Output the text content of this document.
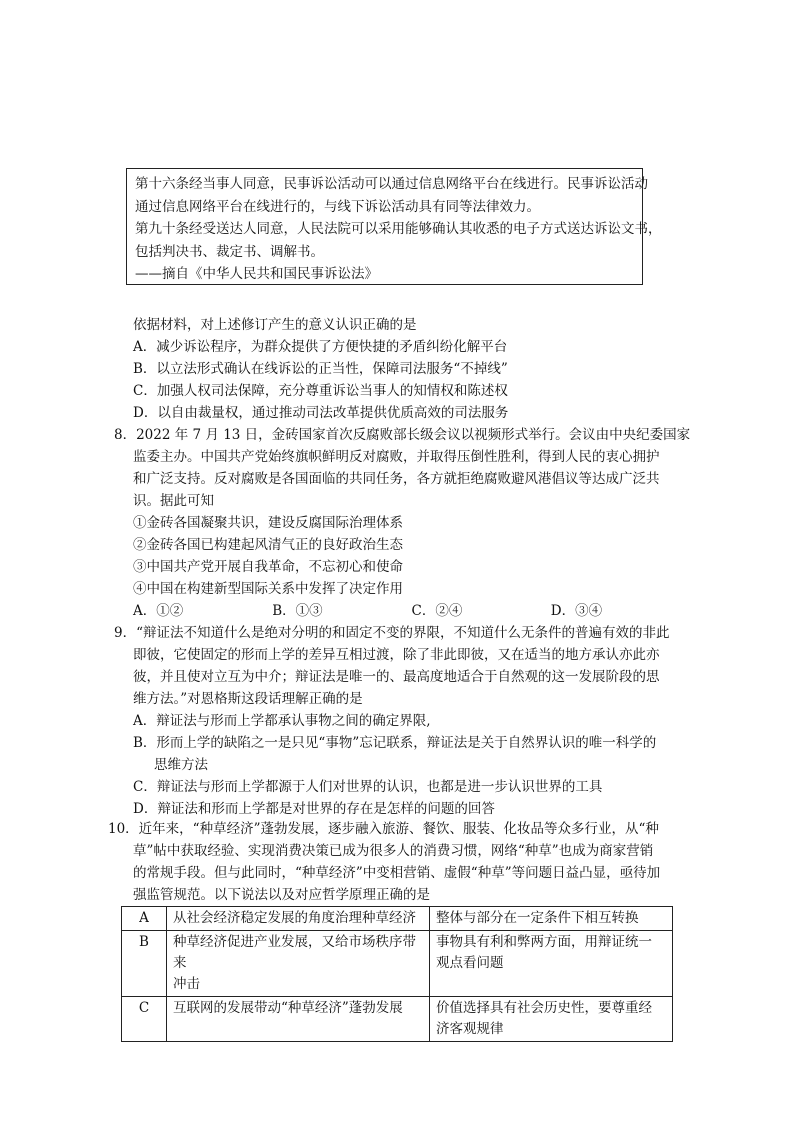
第十六条经当事人同意，民事诉讼活动可以通过信息网络平台在线进行。民事诉讼活动
通过信息网络平台在线进行的，与线下诉讼活动具有同等法律效力。
第九十条经受送达人同意，人民法院可以采用能够确认其收悉的电子方式送达诉讼文书，
包括判决书、裁定书、调解书。
——摘自《中华人民共和国民事诉讼法》
依据材料，对上述修订产生的意义认识正确的是
A．减少诉讼程序，为群众提供了方便快捷的矛盾纠纷化解平台
B．以立法形式确认在线诉讼的正当性，保障司法服务“不掉线”
C．加强人权司法保障，充分尊重诉讼当事人的知情权和陈述权
D．以自由裁量权，通过推动司法改革提供优质高效的司法服务
8．2022 年 7 月 13 日，金砖国家首次反腐败部长级会议以视频形式举行。会议由中央纪委国家
监委主办。中国共产党始终旗帜鲜明反对腐败，并取得压倒性胜利，得到人民的衷心拥护
和广泛支持。反对腐败是各国面临的共同任务，各方就拒绝腐败避风港倡议等达成广泛共
识。据此可知
①金砖各国凝聚共识，建设反腐国际治理体系
②金砖各国已构建起风清气正的良好政治生态
③中国共产党开展自我革命，不忘初心和使命
④中国在构建新型国际关系中发挥了决定作用
A．①②	B．①③	C．②④	D．③④
9．“辩证法不知道什么是绝对分明的和固定不变的界限，不知道什么无条件的普遍有效的非此
即彼，它使固定的形而上学的差异互相过渡，除了非此即彼，又在适当的地方承认亦此亦
彼，并且使对立互为中介；辩证法是唯一的、最高度地适合于自然观的这一发展阶段的思
维方法。”对恩格斯这段话理解正确的是
A．辩证法与形而上学都承认事物之间的确定界限,
B．形而上学的缺陷之一是只见“事物”忘记联系，辩证法是关于自然界认识的唯一科学的
思维方法
C．辩证法与形而上学都源于人们对世界的认识，也都是进一步认识世界的工具
D．辩证法和形而上学都是对世界的存在是怎样的问题的回答
10．近年来，“种草经济”蓬勃发展，逐步融入旅游、餐饮、服装、化妆品等众多行业，从“种
草”帖中获取经验、实现消费决策已成为很多人的消费习惯，网络“种草”也成为商家营销
的常规手段。但与此同时，“种草经济”中变相营销、虚假“种草”等问题日益凸显，亟待加
强监管规范。以下说法以及对应哲学原理正确的是
A	从社会经济稳定发展的角度治理种草经济	整体与部分在一定条件下相互转换
B	种草经济促进产业发展，又给市场秩序带来
冲击	事物具有利和弊两方面，用辩证统一
观点看问题
C	互联网的发展带动“种草经济”蓬勃发展	价值选择具有社会历史性，要尊重经
济客观规律
